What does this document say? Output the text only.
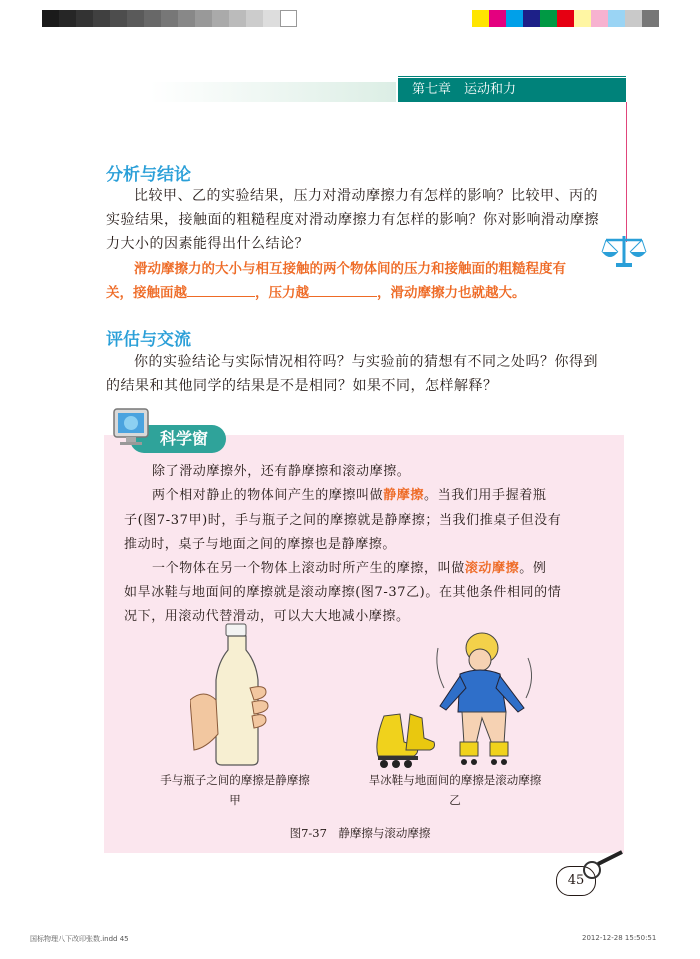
第七章　运动和力
分析与结论
比较甲、乙的实验结果，压力对滑动摩擦力有怎样的影响？比较甲、丙的
实验结果，接触面的粗糙程度对滑动摩擦力有怎样的影响？你对影响滑动摩擦
力大小的因素能得出什么结论？
滑动摩擦力的大小与相互接触的两个物体间的压力和接触面的粗糙程度有
关，接触面越	，压力越	，滑动摩擦力也就越大。
评估与交流
你的实验结论与实际情况相符吗？与实验前的猜想有不同之处吗？你得到
的结果和其他同学的结果是不是相同？如果不同，怎样解释？
科学窗
除了滑动摩擦外，还有静摩擦和滚动摩擦。
两个相对静止的物体间产生的摩擦叫做静摩擦。当我们用手握着瓶
子(图7-37甲)时，手与瓶子之间的摩擦就是静摩擦；当我们推桌子但没有
推动时，桌子与地面之间的摩擦也是静摩擦。
一个物体在另一个物体上滚动时所产生的摩擦，叫做滚动摩擦。例
如旱冰鞋与地面间的摩擦就是滚动摩擦(图7-37乙)。在其他条件相同的情
况下，用滚动代替滑动，可以大大地减小摩擦。
手与瓶子之间的摩擦是静摩擦
甲
旱冰鞋与地面间的摩擦是滚动摩擦
乙
图7-37　静摩擦与滚动摩擦
45
国标物理八下改印张数.indd 45	2012-12-28 15:50:51
